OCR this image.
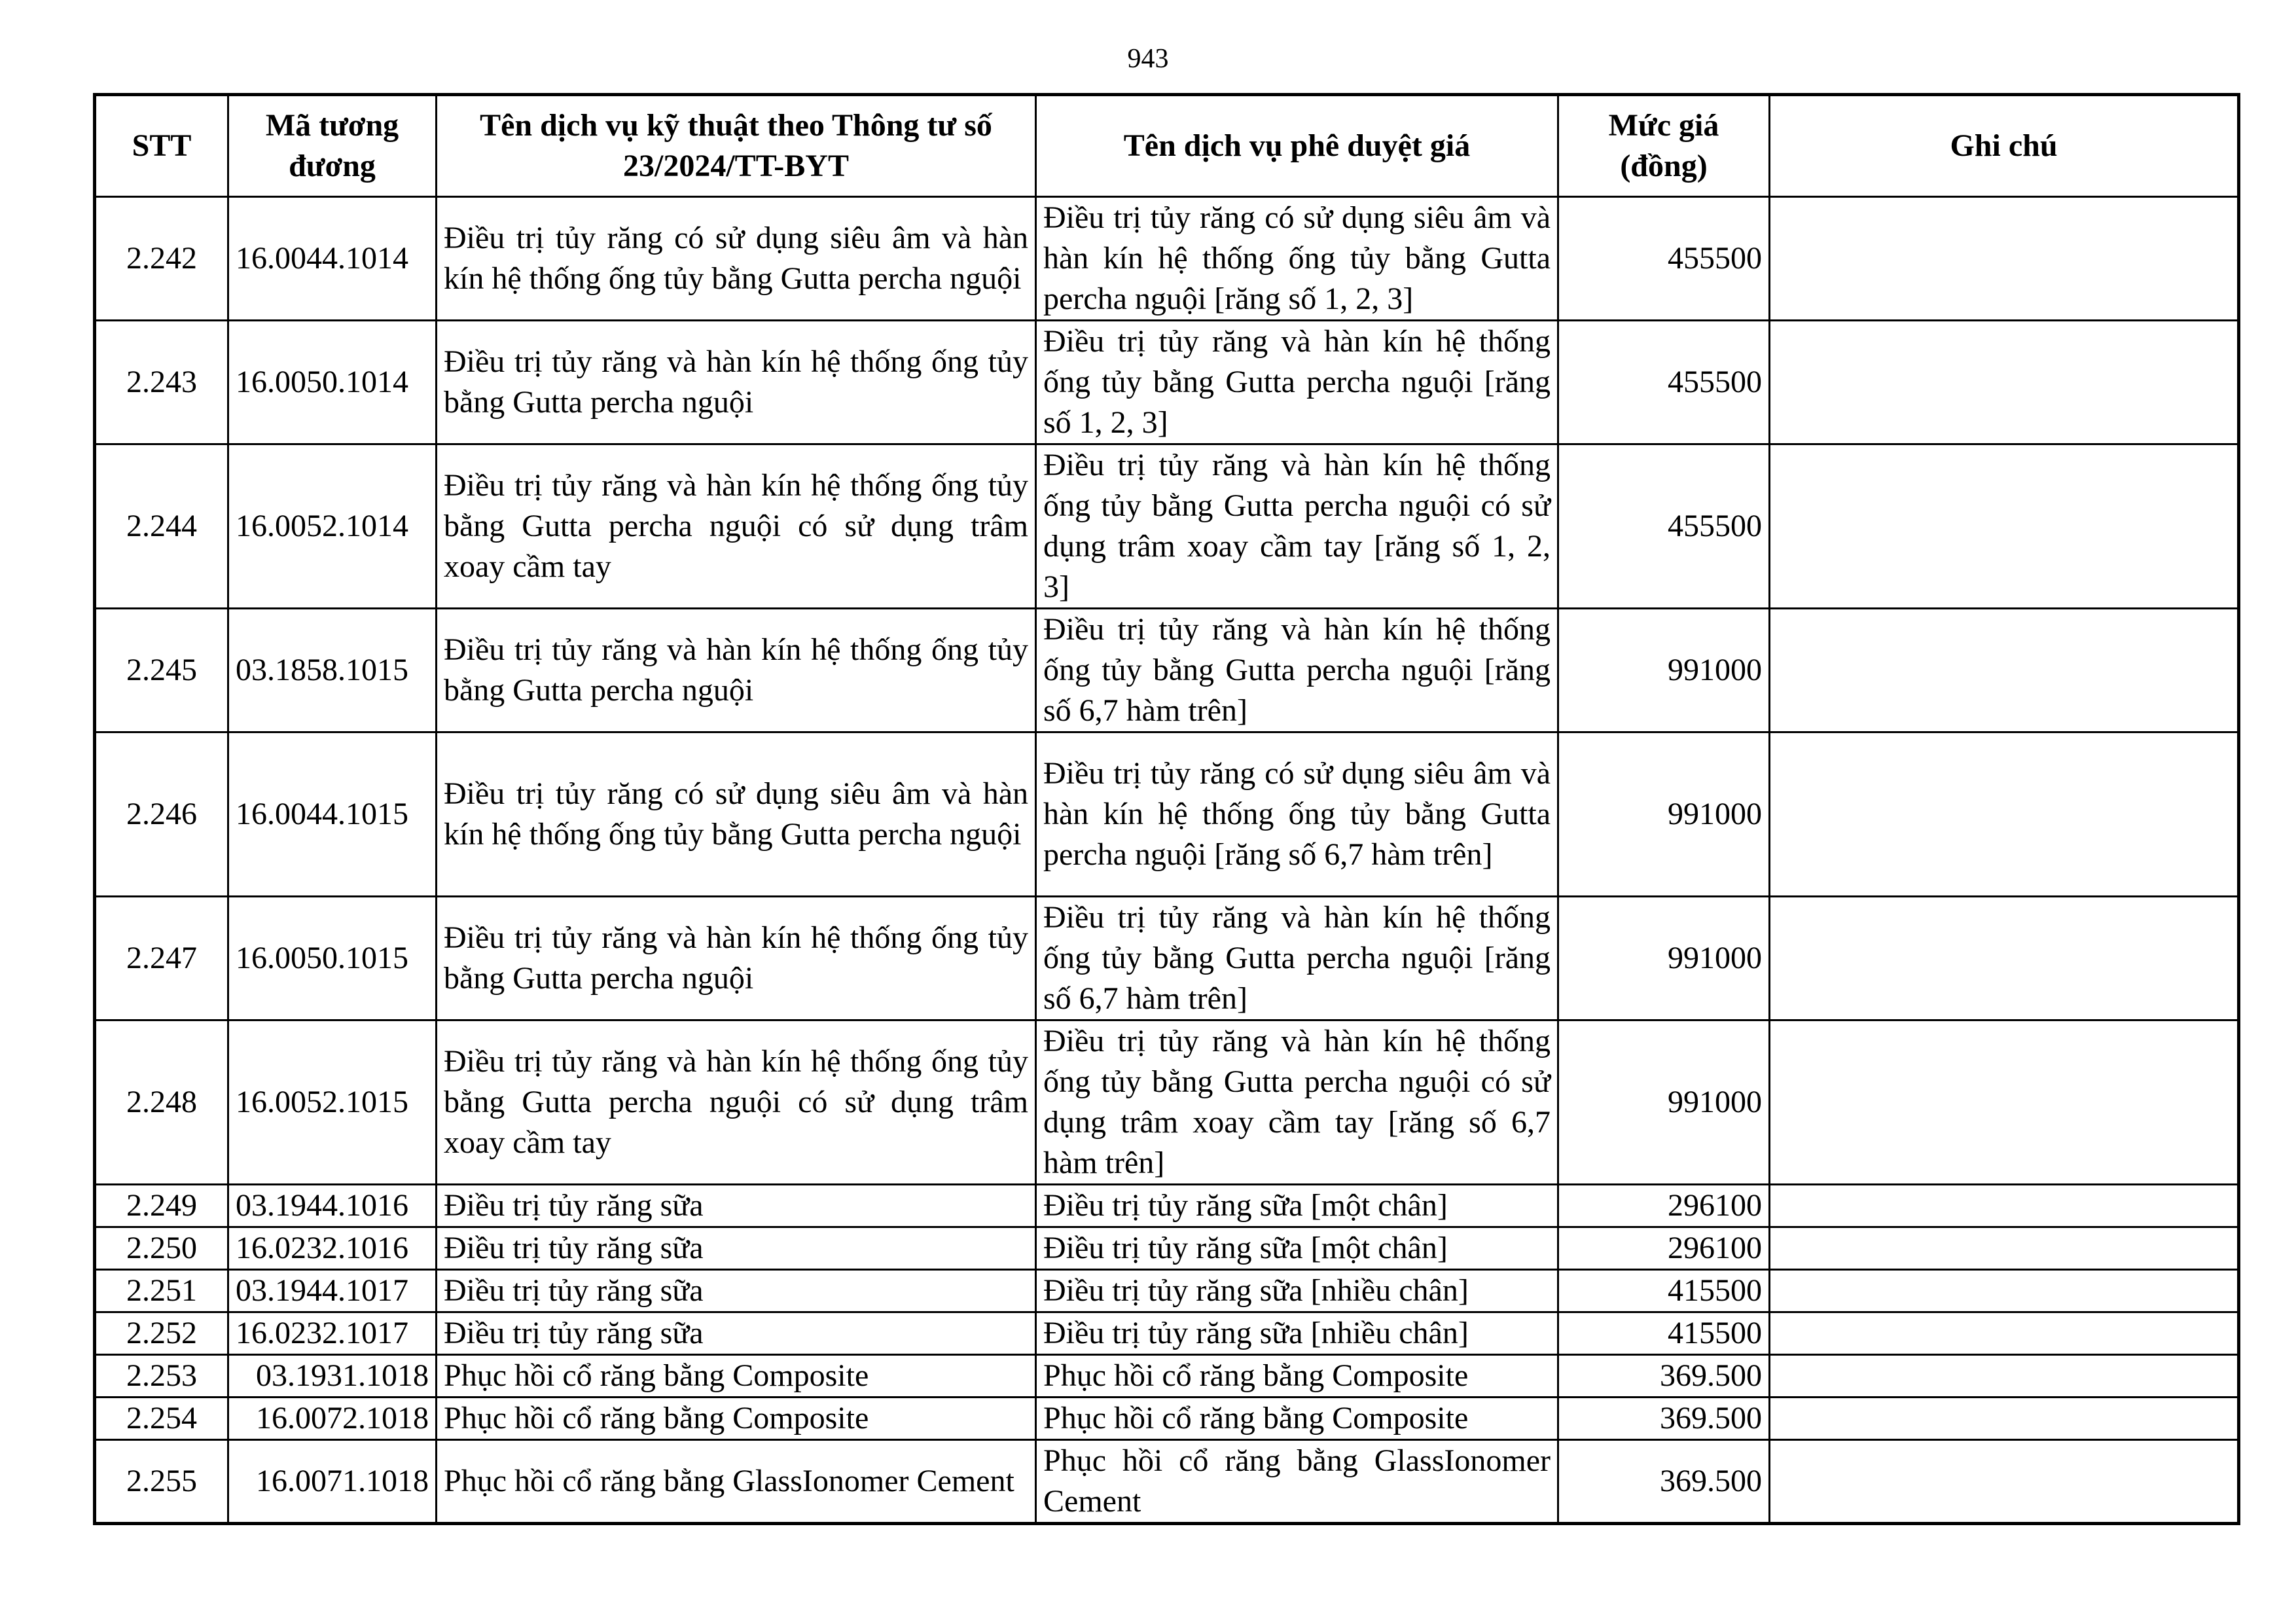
943
STT	Mã tương đương	Tên dịch vụ kỹ thuật theo Thông tư số 23/2024/TT-BYT	Tên dịch vụ phê duyệt giá	Mức giá (đồng)	Ghi chú
2.242	16.0044.1014	Điều trị tủy răng có sử dụng siêu âm và hàn kín hệ thống ống tủy bằng Gutta percha nguội	Điều trị tủy răng có sử dụng siêu âm và hàn kín hệ thống ống tủy bằng Gutta percha nguội [răng số 1, 2, 3]	455500	
2.243	16.0050.1014	Điều trị tủy răng và hàn kín hệ thống ống tủy bằng Gutta percha nguội	Điều trị tủy răng và hàn kín hệ thống ống tủy bằng Gutta percha nguội [răng số 1, 2, 3]	455500	
2.244	16.0052.1014	Điều trị tủy răng và hàn kín hệ thống ống tủy bằng Gutta percha nguội có sử dụng trâm xoay cầm tay	Điều trị tủy răng và hàn kín hệ thống ống tủy bằng Gutta percha nguội có sử dụng trâm xoay cầm tay [răng số 1, 2, 3]	455500	
2.245	03.1858.1015	Điều trị tủy răng và hàn kín hệ thống ống tủy bằng Gutta percha nguội	Điều trị tủy răng và hàn kín hệ thống ống tủy bằng Gutta percha nguội [răng số 6,7 hàm trên]	991000	
2.246	16.0044.1015	Điều trị tủy răng có sử dụng siêu âm và hàn kín hệ thống ống tủy bằng Gutta percha nguội	Điều trị tủy răng có sử dụng siêu âm và hàn kín hệ thống ống tủy bằng Gutta percha nguội [răng số 6,7 hàm trên]	991000	
2.247	16.0050.1015	Điều trị tủy răng và hàn kín hệ thống ống tủy bằng Gutta percha nguội	Điều trị tủy răng và hàn kín hệ thống ống tủy bằng Gutta percha nguội [răng số 6,7 hàm trên]	991000	
2.248	16.0052.1015	Điều trị tủy răng và hàn kín hệ thống ống tủy bằng Gutta percha nguội có sử dụng trâm xoay cầm tay	Điều trị tủy răng và hàn kín hệ thống ống tủy bằng Gutta percha nguội có sử dụng trâm xoay cầm tay [răng số 6,7 hàm trên]	991000	
2.249	03.1944.1016	Điều trị tủy răng sữa	Điều trị tủy răng sữa [một chân]	296100	
2.250	16.0232.1016	Điều trị tủy răng sữa	Điều trị tủy răng sữa [một chân]	296100	
2.251	03.1944.1017	Điều trị tủy răng sữa	Điều trị tủy răng sữa [nhiều chân]	415500	
2.252	16.0232.1017	Điều trị tủy răng sữa	Điều trị tủy răng sữa [nhiều chân]	415500	
2.253	03.1931.1018	Phục hồi cổ răng bằng Composite	Phục hồi cổ răng bằng Composite	369.500	
2.254	16.0072.1018	Phục hồi cổ răng bằng Composite	Phục hồi cổ răng bằng Composite	369.500	
2.255	16.0071.1018	Phục hồi cổ răng bằng GlassIonomer Cement	Phục hồi cổ răng bằng GlassIonomer Cement	369.500	
